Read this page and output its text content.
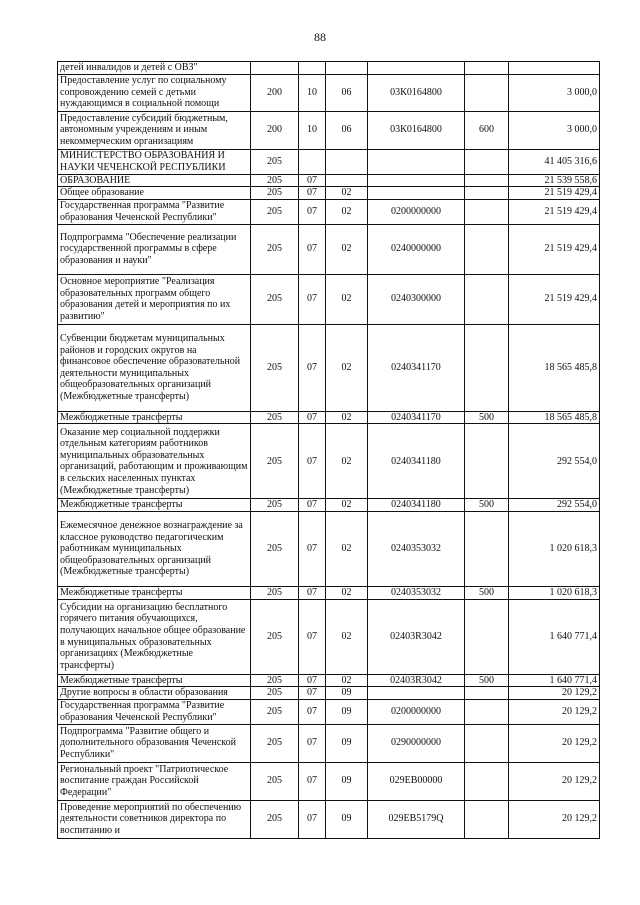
88
детей инвалидов и детей с ОВЗ"						
Предоставление услуг по социальному сопровождению семей с детьми нуждающимся в социальной помощи	200	10	06	03К0164800		3 000,0
Предоставление субсидий бюджетным, автономным учреждениям и иным некоммерческим организациям	200	10	06	03К0164800	600	3 000,0
МИНИСТЕРСТВО ОБРАЗОВАНИЯ И НАУКИ ЧЕЧЕНСКОЙ РЕСПУБЛИКИ	205					41 405 316,6
ОБРАЗОВАНИЕ	205	07				21 539 558,6
Общее образование	205	07	02			21 519 429,4
Государственная программа "Развитие образования Чеченской Республики"	205	07	02	0200000000		21 519 429,4
Подпрограмма "Обеспечение реализации государственной программы в сфере образования и науки"	205	07	02	0240000000		21 519 429,4
Основное мероприятие "Реализация образовательных программ общего образования детей и мероприятия по их развитию"	205	07	02	0240300000		21 519 429,4
Субвенции бюджетам муниципальных районов и городских округов на финансовое обеспечение образовательной деятельности муниципальных общеобразовательных организаций (Межбюджетные трансферты)	205	07	02	0240341170		18 565 485,8
Межбюджетные трансферты	205	07	02	0240341170	500	18 565 485,8
Оказание мер социальной поддержки отдельным категориям работников муниципальных образовательных организаций, работающим и проживающим в сельских населенных пунктах (Межбюджетные трансферты)	205	07	02	0240341180		292 554,0
Межбюджетные трансферты	205	07	02	0240341180	500	292 554,0
Ежемесячное денежное вознаграждение за классное руководство педагогическим работникам муниципальных общеобразовательных организаций (Межбюджетные трансферты)	205	07	02	0240353032		1 020 618,3
Межбюджетные трансферты	205	07	02	0240353032	500	1 020 618,3
Субсидии на организацию бесплатного горячего питания обучающихся, получающих начальное общее образование в муниципальных образовательных организациях (Межбюджетные трансферты)	205	07	02	02403R3042		1 640 771,4
Межбюджетные трансферты	205	07	02	02403R3042	500	1 640 771,4
Другие вопросы в области образования	205	07	09			20 129,2
Государственная программа "Развитие образования Чеченской Республики"	205	07	09	0200000000		20 129,2
Подпрограмма "Развитие общего и дополнительного образования Чеченской Республики"	205	07	09	0290000000		20 129,2
Региональный проект "Патриотическое воспитание граждан Российской Федерации"	205	07	09	029ЕВ00000		20 129,2
Проведение мероприятий по обеспечению деятельности советников директора по воспитанию и	205	07	09	029ЕВ5179Q		20 129,2
